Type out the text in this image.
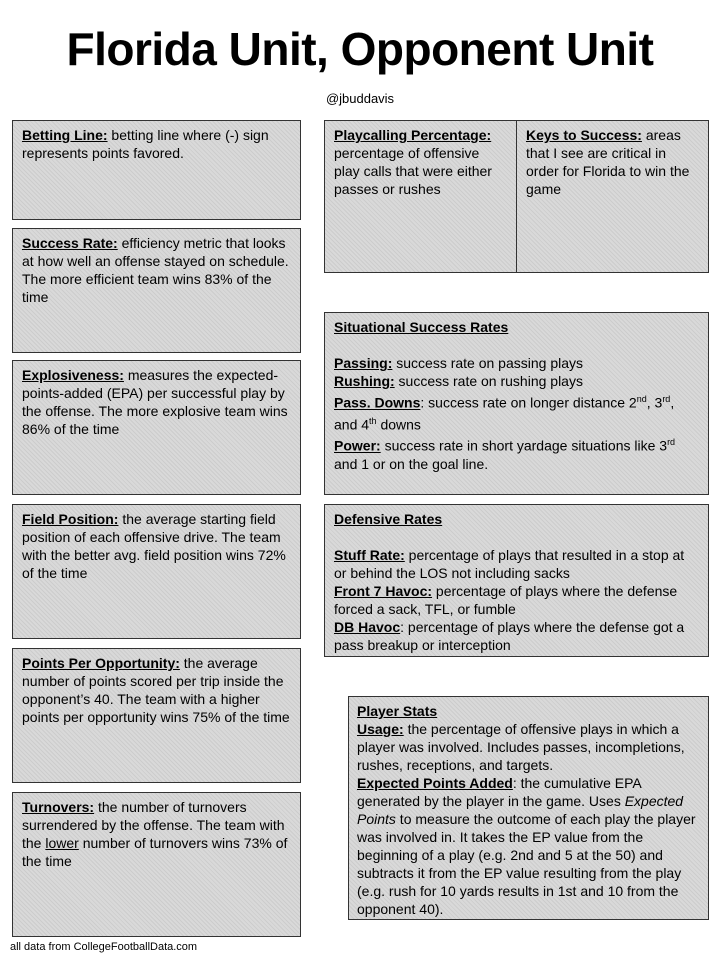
Florida Unit, Opponent Unit
@jbuddavis
Betting Line: betting line where (-) sign represents points favored.
Success Rate: efficiency metric that looks at how well an offense stayed on schedule. The more efficient team wins 83% of the time
Explosiveness: measures the expected-points-added (EPA) per successful play by the offense. The more explosive team wins 86% of the time
Field Position: the average starting field position of each offensive drive. The team with the better avg. field position wins 72% of the time
Points Per Opportunity: the average number of points scored per trip inside the opponent’s 40. The team with a higher points per opportunity wins 75% of the time
Turnovers: the number of turnovers surrendered by the offense. The team with the lower number of turnovers wins 73% of the time
Playcalling Percentage: percentage of offensive play calls that were either passes or rushes
Keys to Success: areas that I see are critical in order for Florida to win the game
Situational Success Rates
Passing: success rate on passing plays
Rushing: success rate on rushing plays
Pass. Downs: success rate on longer distance 2nd, 3rd, and 4th downs
Power: success rate in short yardage situations like 3rd and 1 or on the goal line.
Defensive Rates
Stuff Rate: percentage of plays that resulted in a stop at or behind the LOS not including sacks
Front 7 Havoc: percentage of plays where the defense forced a sack, TFL, or fumble
DB Havoc: percentage of plays where the defense got a pass breakup or interception
Player Stats
Usage: the percentage of offensive plays in which a player was involved. Includes passes, incompletions, rushes, receptions, and targets.
Expected Points Added: the cumulative EPA generated by the player in the game. Uses Expected Points to measure the outcome of each play the player was involved in. It takes the EP value from the beginning of a play (e.g. 2nd and 5 at the 50) and subtracts it from the EP value resulting from the play (e.g. rush for 10 yards results in 1st and 10 from the opponent 40).
all data from CollegeFootballData.com
